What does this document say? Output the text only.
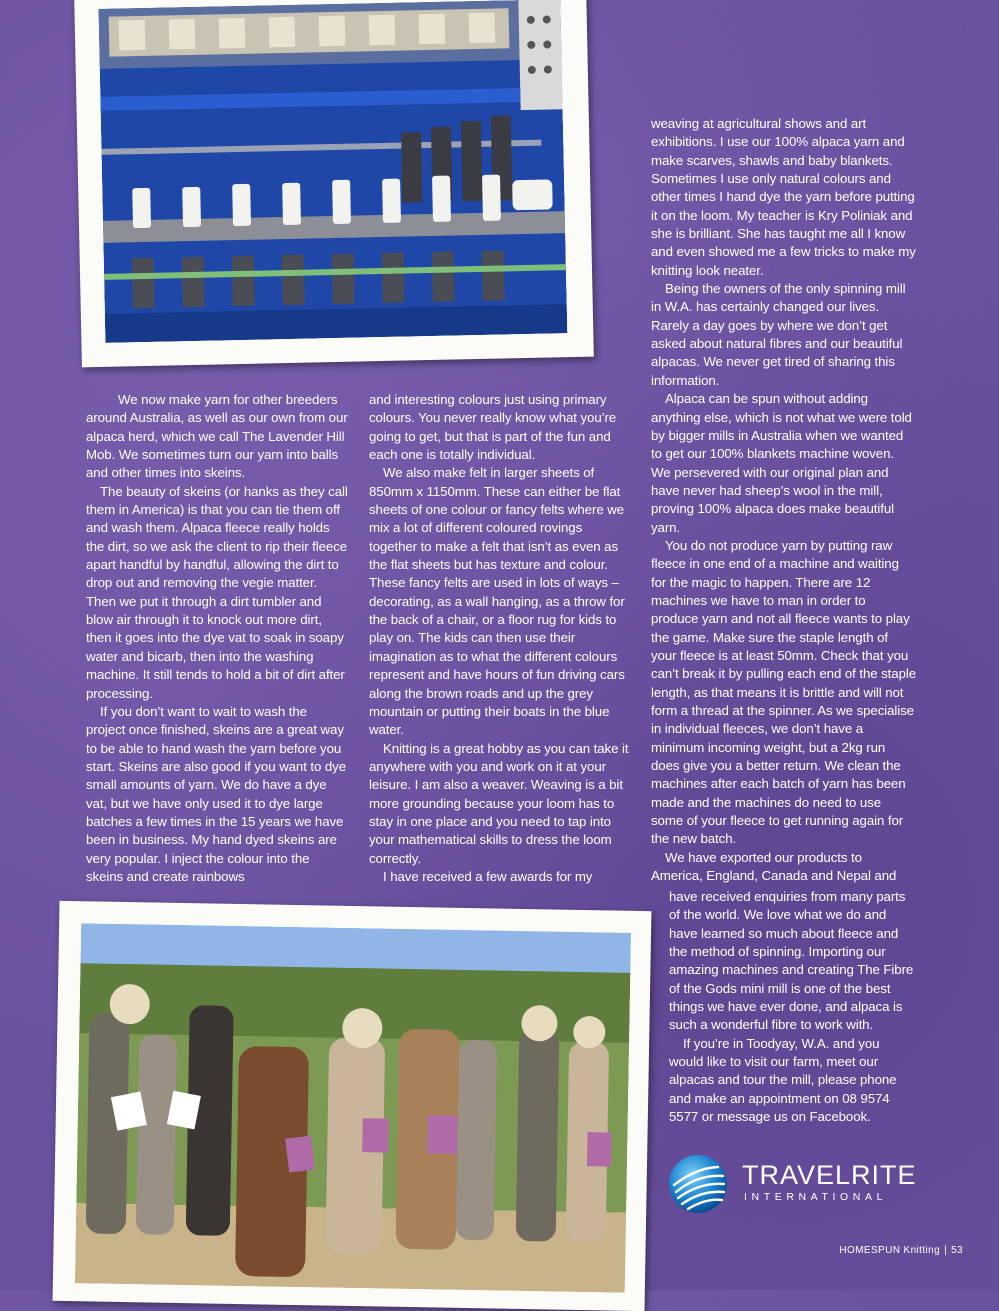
We now make yarn for other breeders around Australia, as well as our own from our alpaca herd, which we call The Lavender Hill Mob. We sometimes turn our yarn into balls and other times into skeins.

The beauty of skeins (or hanks as they call them in America) is that you can tie them off and wash them. Alpaca fleece really holds the dirt, so we ask the client to rip their fleece apart handful by handful, allowing the dirt to drop out and removing the vegie matter. Then we put it through a dirt tumbler and blow air through it to knock out more dirt, then it goes into the dye vat to soak in soapy water and bicarb, then into the washing machine. It still tends to hold a bit of dirt after processing.

If you don’t want to wait to wash the project once finished, skeins are a great way to be able to hand wash the yarn before you start. Skeins are also good if you want to dye small amounts of yarn. We do have a dye vat, but we have only used it to dye large batches a few times in the 15 years we have been in business. My hand dyed skeins are very popular. I inject the colour into the skeins and create rainbows

and interesting colours just using primary colours. You never really know what you’re going to get, but that is part of the fun and each one is totally individual.

We also make felt in larger sheets of 850mm x 1150mm. These can either be flat sheets of one colour or fancy felts where we mix a lot of different coloured rovings together to make a felt that isn’t as even as the flat sheets but has texture and colour. These fancy felts are used in lots of ways – decorating, as a wall hanging, as a throw for the back of a chair, or a floor rug for kids to play on. The kids can then use their imagination as to what the different colours represent and have hours of fun driving cars along the brown roads and up the grey mountain or putting their boats in the blue water.

Knitting is a great hobby as you can take it anywhere with you and work on it at your leisure. I am also a weaver. Weaving is a bit more grounding because your loom has to stay in one place and you need to tap into your mathematical skills to dress the loom correctly.

I have received a few awards for my

weaving at agricultural shows and art exhibitions. I use our 100% alpaca yarn and make scarves, shawls and baby blankets. Sometimes I use only natural colours and other times I hand dye the yarn before putting it on the loom. My teacher is Kry Poliniak and she is brilliant. She has taught me all I know and even showed me a few tricks to make my knitting look neater.

Being the owners of the only spinning mill in W.A. has certainly changed our lives. Rarely a day goes by where we don’t get asked about natural fibres and our beautiful alpacas. We never get tired of sharing this information.

Alpaca can be spun without adding anything else, which is not what we were told by bigger mills in Australia when we wanted to get our 100% blankets machine woven. We persevered with our original plan and have never had sheep’s wool in the mill, proving 100% alpaca does make beautiful yarn.

You do not produce yarn by putting raw fleece in one end of a machine and waiting for the magic to happen. There are 12 machines we have to man in order to produce yarn and not all fleece wants to play the game. Make sure the staple length of your fleece is at least 50mm. Check that you can’t break it by pulling each end of the staple length, as that means it is brittle and will not form a thread at the spinner. As we specialise in individual fleeces, we don’t have a minimum incoming weight, but a 2kg run does give you a better return. We clean the machines after each batch of yarn has been made and the machines do need to use some of your fleece to get running again for the new batch.

We have exported our products to America, England, Canada and Nepal and

have received enquiries from many parts of the world. We love what we do and have learned so much about fleece and the method of spinning. Importing our amazing machines and creating The Fibre of the Gods mini mill is one of the best things we have ever done, and alpaca is such a wonderful fibre to work with.

If you’re in Toodyay, W.A. and you would like to visit our farm, meet our alpacas and tour the mill, please phone and make an appointment on 08 9574 5577 or message us on Facebook.

TRAVELRITE
INTERNATIONAL
HOMESPUN Knitting | 53
